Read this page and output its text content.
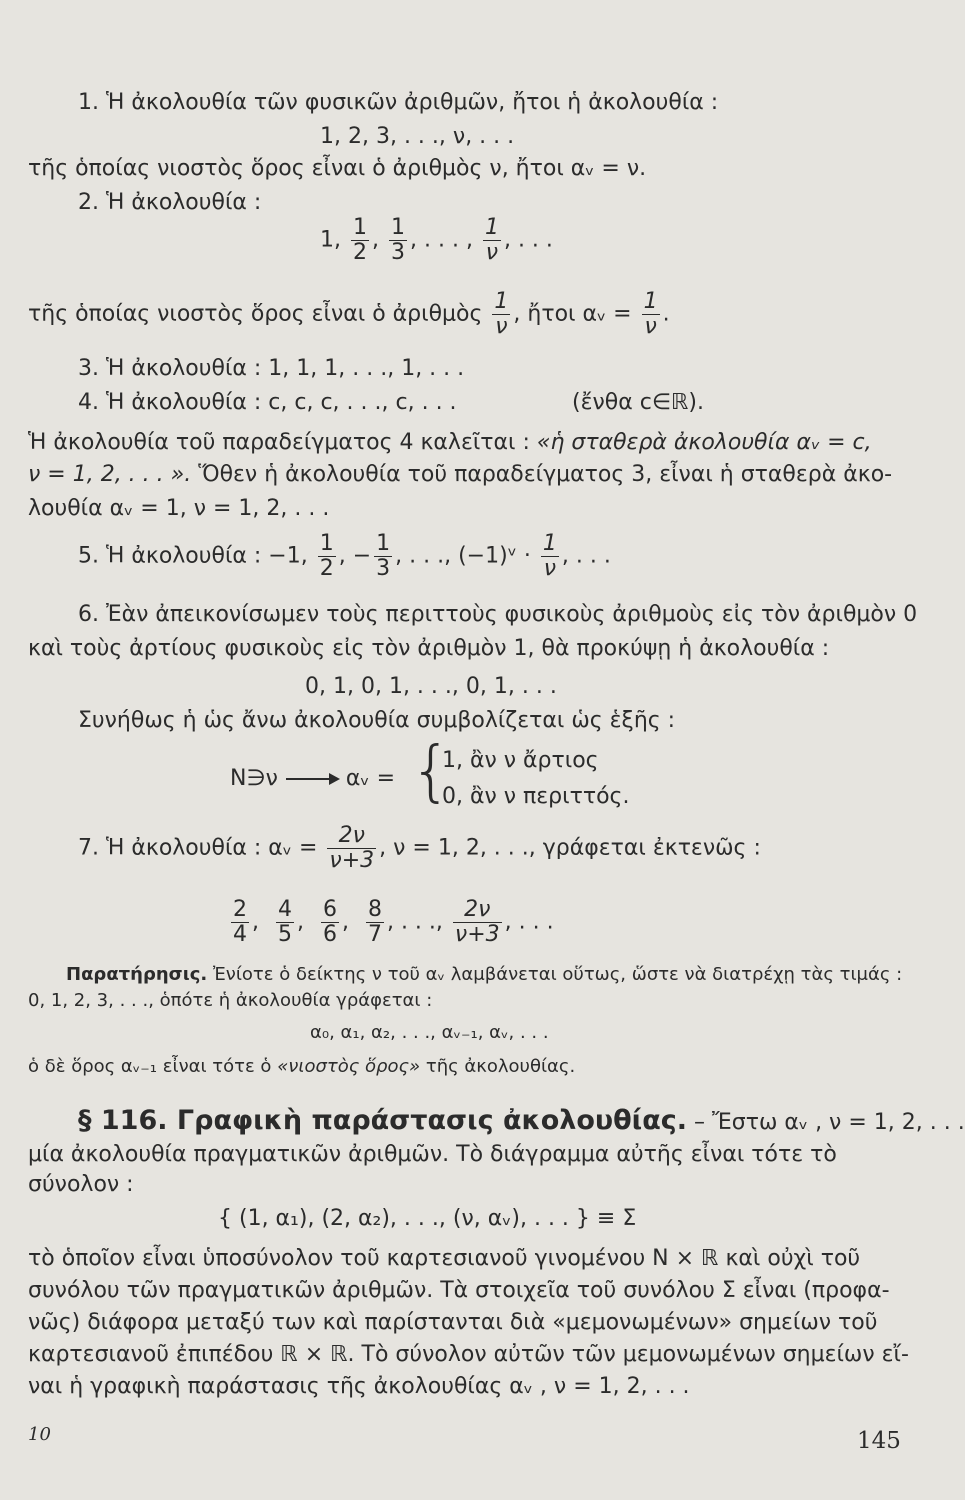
1. Ἡ ἀκολουθία τῶν φυσικῶν ἀριθμῶν, ἤτοι ἡ ἀκολουθία :
1, 2, 3, . . ., ν, . . .
τῆς ὁποίας νιοστὸς ὅρος εἶναι ὁ ἀριθμὸς ν, ἤτοι αᵥ = ν.
2. Ἡ ἀκολουθία :
1, $\frac{1}{2}$ , $\frac{1}{3}$ , . . . , $\frac{1}{\nu}$ , . . .
τῆς ὁποίας νιοστὸς ὅρος εἶναι ὁ ἀριθμὸς $\frac{1}{\nu}$ , ἤτοι αᵥ = $\frac{1}{\nu}$ .
3. Ἡ ἀκολουθία : 1, 1, 1, . . ., 1, . . .
4. Ἡ ἀκολουθία : c, c, c, . . ., c, . . .	(ἔνθα c∈ℝ).
Ἡ ἀκολουθία τοῦ παραδείγματος 4 καλεῖται : «ἡ σταθερὰ ἀκολουθία αᵥ = c,
ν = 1, 2, . . . ». Ὅθεν ἡ ἀκολουθία τοῦ παραδείγματος 3, εἶναι ἡ σταθερὰ ἀκο-
λουθία αᵥ = 1, ν = 1, 2, . . .
5. Ἡ ἀκολουθία : −1, $\frac{1}{2}$ , − $\frac{1}{3}$ , . . ., (−1)ᵛ · $\frac{1}{\nu}$ , . . .
6. Ἐὰν ἀπεικονίσωμεν τοὺς περιττοὺς φυσικοὺς ἀριθμοὺς εἰς τὸν ἀριθμὸν 0
καὶ τοὺς ἀρτίους φυσικοὺς εἰς τὸν ἀριθμὸν 1, θὰ προκύψῃ ἡ ἀκολουθία :
0, 1, 0, 1, . . ., 0, 1, . . .
Συνήθως ἡ ὡς ἄνω ἀκολουθία συμβολίζεται ὡς ἑξῆς :
N∋ν	αᵥ = {
1, ἂν ν ἄρτιος
0, ἂν ν περιττός.
7. Ἡ ἀκολουθία : αᵥ = $\frac{2\nu}{\nu+3}$ , ν = 1, 2, . . ., γράφεται ἐκτενῶς :
$\frac{2}{4}$ , $\frac{4}{5}$ , $\frac{6}{6}$ , $\frac{8}{7}$ , . . ., $\frac{2\nu}{\nu+3}$ , . . .
Παρατήρησις. Ἐνίοτε ὁ δείκτης ν τοῦ αᵥ λαμβάνεται οὕτως, ὥστε νὰ διατρέχῃ τὰς τιμάς :
0, 1, 2, 3, . . ., ὁπότε ἡ ἀκολουθία γράφεται :
α₀, α₁, α₂, . . ., αᵥ₋₁, αᵥ, . . .
ὁ δὲ ὅρος αᵥ₋₁ εἶναι τότε ὁ «νιοστὸς ὅρος» τῆς ἀκολουθίας.
§ 116. Γραφικὴ παράστασις ἀκολουθίας. – Ἔστω αᵥ , ν = 1, 2, . . .
μία ἀκολουθία πραγματικῶν ἀριθμῶν. Τὸ διάγραμμα αὐτῆς εἶναι τότε τὸ
σύνολον :
{ (1, α₁), (2, α₂), . . ., (ν, αᵥ), . . . } ≡ Σ
τὸ ὁποῖον εἶναι ὑποσύνολον τοῦ καρτεσιανοῦ γινομένου N × ℝ καὶ οὐχὶ τοῦ
συνόλου τῶν πραγματικῶν ἀριθμῶν. Τὰ στοιχεῖα τοῦ συνόλου Σ εἶναι (προφα-
νῶς) διάφορα μεταξύ των καὶ παρίστανται διὰ «μεμονωμένων» σημείων τοῦ
καρτεσιανοῦ ἐπιπέδου ℝ × ℝ. Τὸ σύνολον αὐτῶν τῶν μεμονωμένων σημείων εἴ-
ναι ἡ γραφικὴ παράστασις τῆς ἀκολουθίας αᵥ , ν = 1, 2, . . .
10	145
